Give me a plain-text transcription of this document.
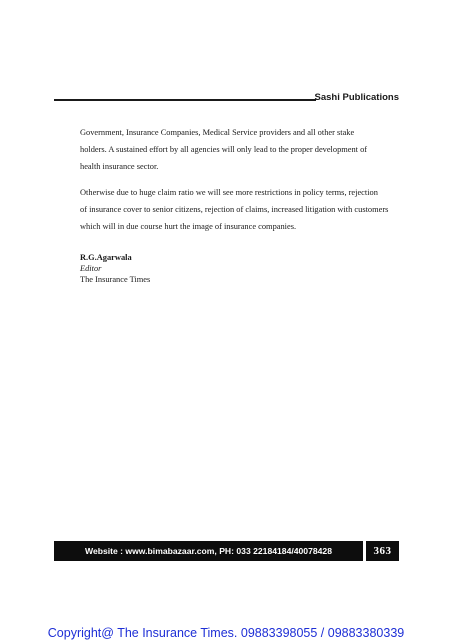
Sashi Publications

Government, Insurance Companies, Medical Service providers and all other stake

holders. A sustained effort by all agencies will only lead to the proper development of

health insurance sector.

Otherwise due to huge claim ratio we will see more restrictions in policy terms, rejection

of insurance cover to senior citizens, rejection of claims, increased litigation with customers

which will in due course hurt the image of insurance companies.

R.G.Agarwala
Editor
The Insurance Times
Website : www.bimabazaar.com, PH: 033 22184184/40078428	363
Copyright@ The Insurance Times. 09883398055 / 09883380339
